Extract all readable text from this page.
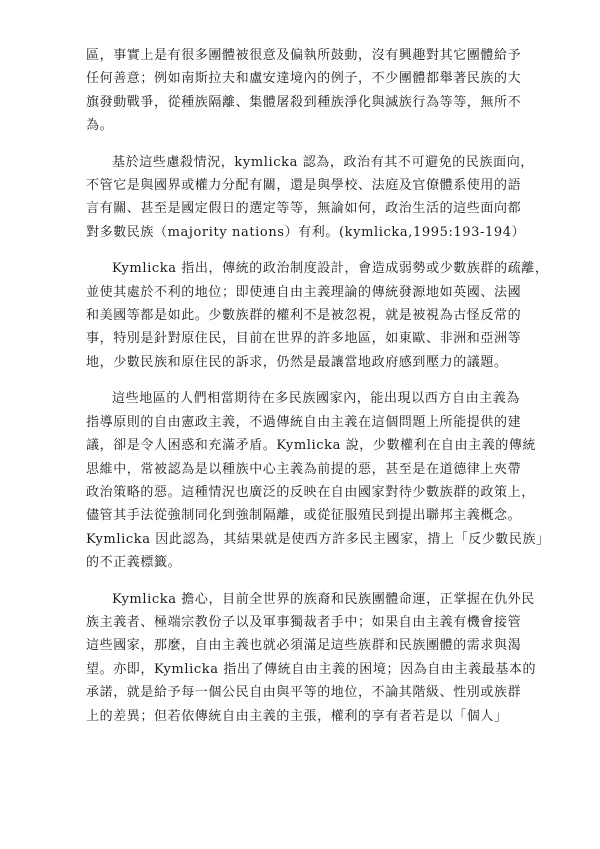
區，事實上是有很多團體被很意及偏執所鼓動，沒有興趣對其它團體給予
任何善意；例如南斯拉夫和盧安達境內的例子，不少團體都舉著民族的大
旗發動戰爭，從種族隔離、集體屠殺到種族淨化與滅族行為等等，無所不
為。

基於這些慮殺情況，kymlicka 認為，政治有其不可避免的民族面向，
不管它是與國界或權力分配有關，還是與學校、法庭及官僚體系使用的語
言有關、甚至是國定假日的選定等等，無論如何，政治生活的這些面向都
對多數民族（majority nations）有利。(kymlicka,1995:193-194）

Kymlicka 指出，傳統的政治制度設計，會造成弱勢或少數族群的疏離，
並使其處於不利的地位；即使連自由主義理論的傳統發源地如英國、法國
和美國等都是如此。少數族群的權利不是被忽視，就是被視為古怪反常的
事，特別是針對原住民，目前在世界的許多地區，如東歐、非洲和亞洲等
地，少數民族和原住民的訴求，仍然是最讓當地政府感到壓力的議題。

這些地區的人們相當期待在多民族國家內，能出現以西方自由主義為
指導原則的自由憲政主義，不過傳統自由主義在這個問題上所能提供的建
議，卻是令人困惑和充滿矛盾。Kymlicka 說，少數權利在自由主義的傳統
思維中，常被認為是以種族中心主義為前提的惡，甚至是在道德律上夾帶
政治策略的惡。這種情況也廣泛的反映在自由國家對待少數族群的政策上，
儘管其手法從強制同化到強制隔離，或從征服殖民到提出聯邦主義概念。
Kymlicka 因此認為，其結果就是使西方許多民主國家，揹上「反少數民族」
的不正義標籤。

Kymlicka 擔心，目前全世界的族裔和民族團體命運，正掌握在仇外民
族主義者、極端宗教份子以及軍事獨裁者手中；如果自由主義有機會接管
這些國家，那麼，自由主義也就必須滿足這些族群和民族團體的需求與渴
望。亦即，Kymlicka 指出了傳統自由主義的困境；因為自由主義最基本的
承諾，就是給予每一個公民自由與平等的地位，不論其階級、性別或族群
上的差異；但若依傳統自由主義的主張，權利的享有者若是以「個人」
